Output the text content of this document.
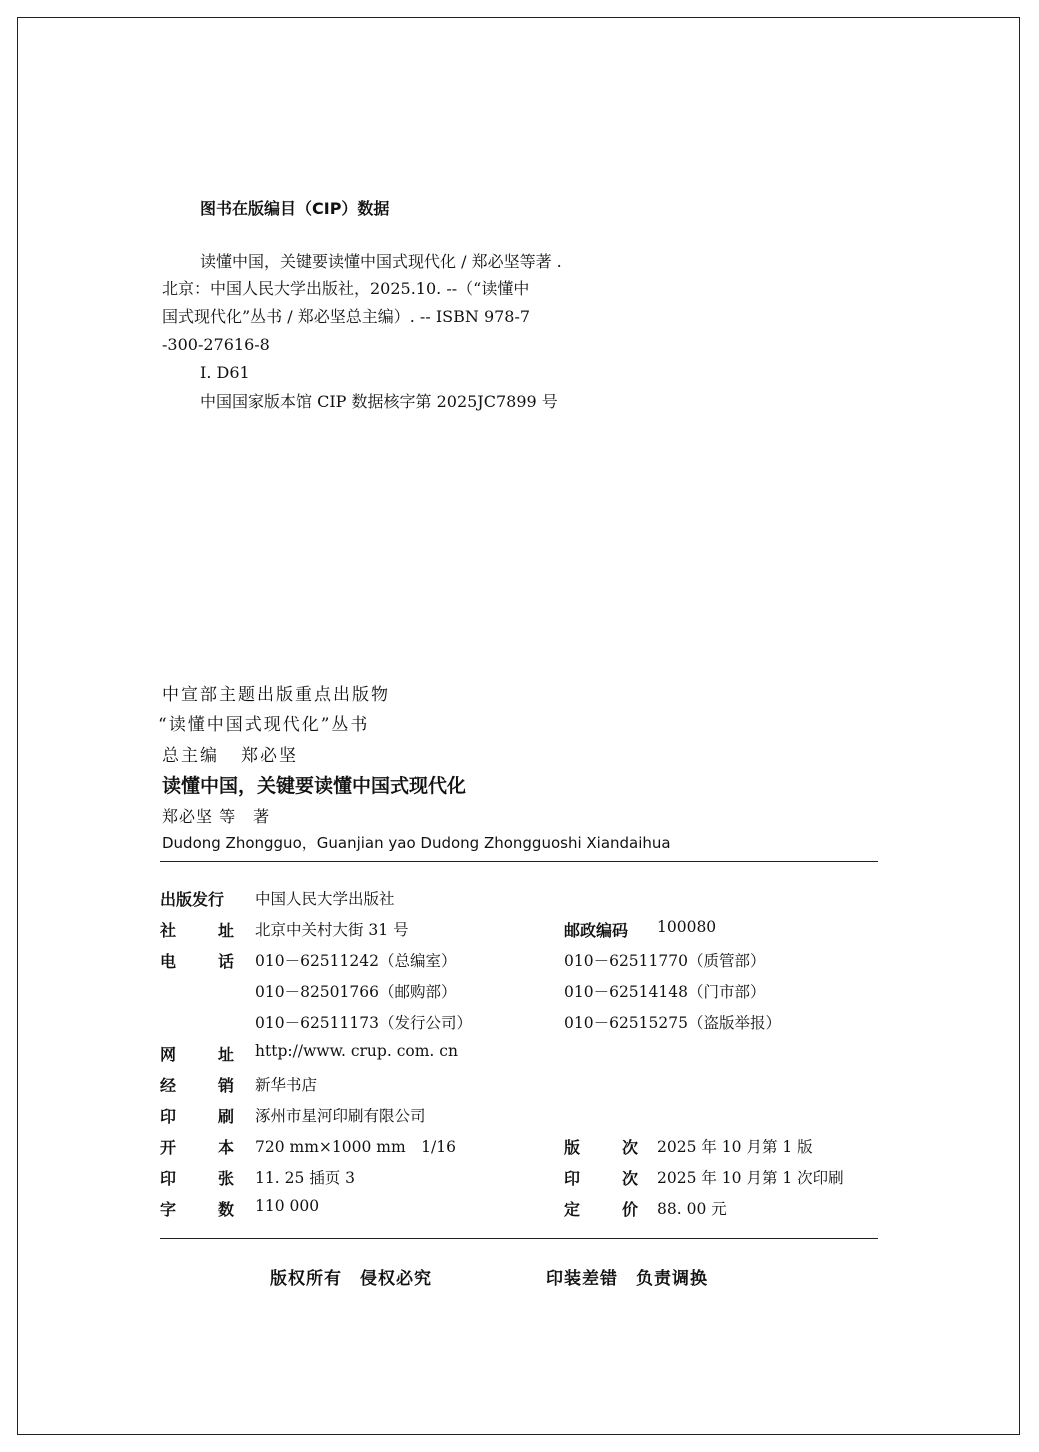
图书在版编目（CIP）数据
读懂中国，关键要读懂中国式现代化 / 郑必坚等著 .
北京：中国人民大学出版社，2025.10. --（“读懂中
国式现代化”丛书 / 郑必坚总主编）. -- ISBN 978-7
-300-27616-8
Ⅰ. D61
中国国家版本馆 CIP 数据核字第 2025JC7899 号
中宣部主题出版重点出版物
“读懂中国式现代化”丛书
总主编 郑必坚
读懂中国，关键要读懂中国式现代化
郑必坚 等　著
Dudong Zhongguo，Guanjian yao Dudong Zhongguoshi Xiandaihua
出版发行 中国人民大学出版社
社	址 北京中关村大街 31 号	邮政编码 100080
电	话 010－62511242（总编室）	010－62511770（质管部）
010－82501766（邮购部）	010－62514148（门市部）
010－62511173（发行公司）	010－62515275（盗版举报）
网	址 http://www. crup. com. cn
经	销 新华书店
印	刷 涿州市星河印刷有限公司
开	本 720 mm×1000 mm　1/16	版	次 2025 年 10 月第 1 版
印	张 11. 25 插页 3	印	次 2025 年 10 月第 1 次印刷
字	数 110 000	定	价 88. 00 元
版权所有　侵权必究	印装差错　负责调换
